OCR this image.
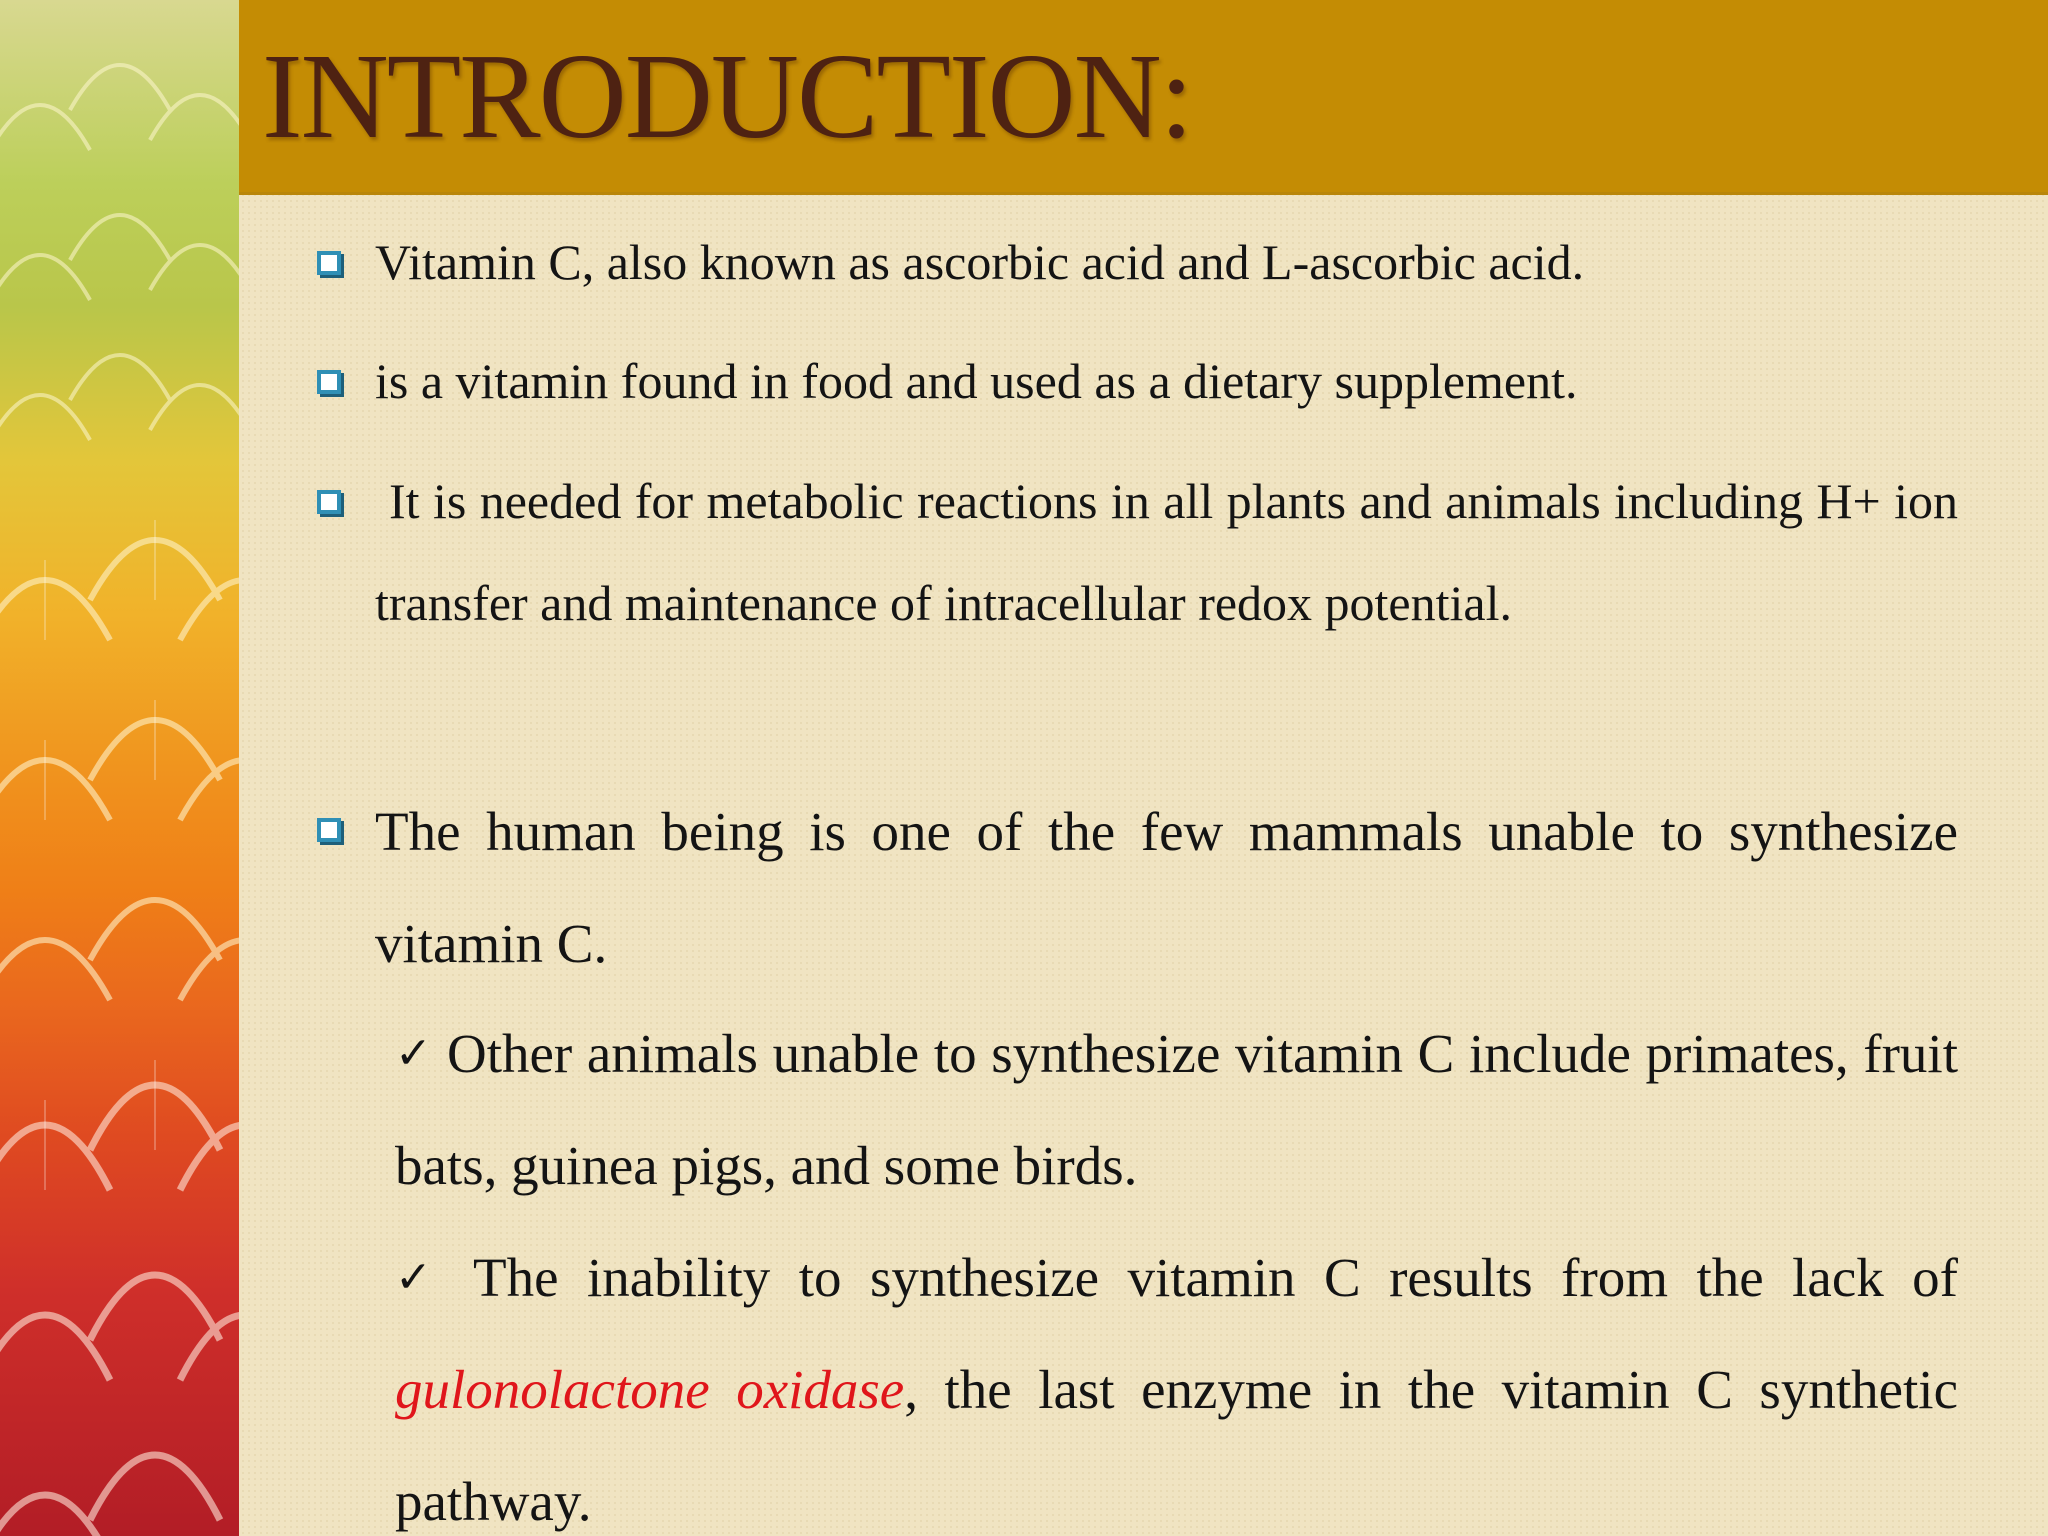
INTRODUCTION:

Vitamin C, also known as ascorbic acid and L-ascorbic acid.

is a vitamin found in food and used as a dietary supplement.

It is needed for metabolic reactions in all plants and animals including H+ ion transfer and maintenance of intracellular redox potential.

The human being is one of the few mammals unable to synthesize vitamin C.

✓ Other animals unable to synthesize vitamin C include primates, fruit bats, guinea pigs, and some birds.

✓ The inability to synthesize vitamin C results from the lack of gulonolactone oxidase, the last enzyme in the vitamin C synthetic pathway.
